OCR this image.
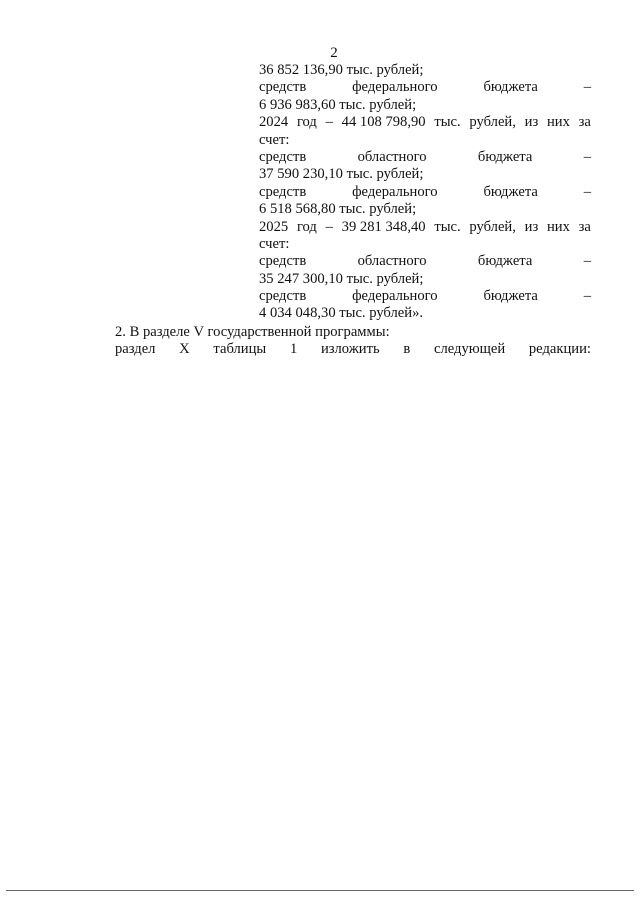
2
36 852 136,90 тыс. рублей;
средств	федерального	бюджета	–
6 936 983,60 тыс. рублей;
2024 год – 44 108 798,90 тыс. рублей, из них за
счет:
средств	областного	бюджета	–
37 590 230,10 тыс. рублей;
средств	федерального	бюджета	–
6 518 568,80 тыс. рублей;
2025 год – 39 281 348,40 тыс. рублей, из них за
счет:
средств	областного	бюджета	–
35 247 300,10 тыс. рублей;
средств	федерального	бюджета	–
4 034 048,30 тыс. рублей».
2. В разделе V государственной программы:
раздел X таблицы 1 изложить в следующей редакции:
